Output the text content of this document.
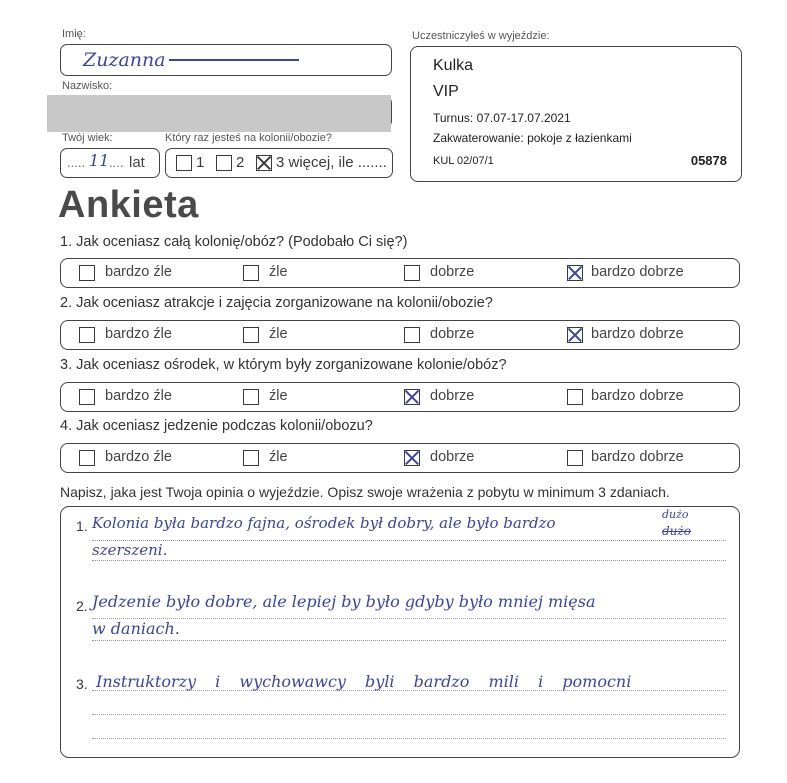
Imię:
Zuzanna
Nazwisko:
Twój wiek:
..... 11 .... lat
Który raz jesteś na kolonii/obozie?
1 2 3 więcej, ile .......
Uczestniczyłeś w wyjeździe:
Kulka
VIP
Turnus: 07.07-17.07.2021
Zakwaterowanie: pokoje z łazienkami
KUL 02/07/1	05878
Ankieta
1. Jak oceniasz całą kolonię/obóz? (Podobało Ci się?)
bardzo źle	źle	dobrze	bardzo dobrze
2. Jak oceniasz atrakcje i zajęcia zorganizowane na kolonii/obozie?
bardzo źle	źle	dobrze	bardzo dobrze
3. Jak oceniasz ośrodek, w którym były zorganizowane kolonie/obóz?
bardzo źle	źle	dobrze	bardzo dobrze
4. Jak oceniasz jedzenie podczas kolonii/obozu?
bardzo źle	źle	dobrze	bardzo dobrze
Napisz, jaka jest Twoja opinia o wyjeździe. Opisz swoje wrażenia z pobytu w minimum 3 zdaniach.
1. Kolonia była bardzo fajna, ośrodek był dobry, ale było bardzo	dużo
dużo
szerszeni.
2. Jedzenie było dobre, ale lepiej by było gdyby było mniej mięsa
w daniach.
3. Instruktorzy i wychowawcy byli bardzo mili i pomocni
